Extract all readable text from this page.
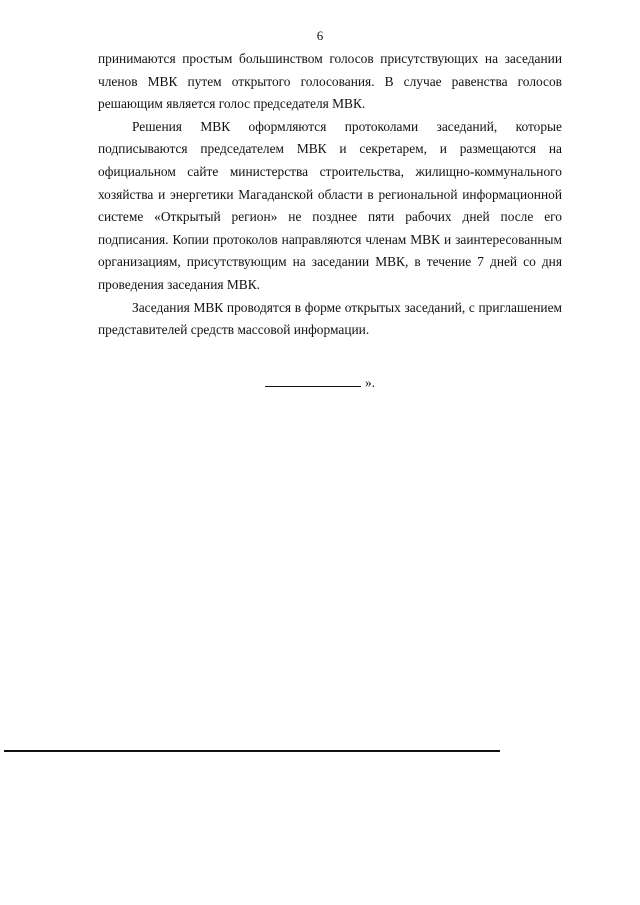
6

принимаются простым большинством голосов присутствующих на заседании членов МВК путем открытого голосования. В случае равенства голосов решающим является голос председателя МВК.

Решения МВК оформляются протоколами заседаний, которые подписываются председателем МВК и секретарем, и размещаются на официальном сайте министерства строительства, жилищно-коммунального хозяйства и энергетики Магаданской области в региональной информационной системе «Открытый регион» не позднее пяти рабочих дней после его подписания. Копии протоколов направляются членам МВК и заинтересованным организациям, присутствующим на заседании МВК, в течение 7 дней со дня проведения заседания МВК.

Заседания МВК проводятся в форме открытых заседаний, с приглашением представителей средств массовой информации.

».
